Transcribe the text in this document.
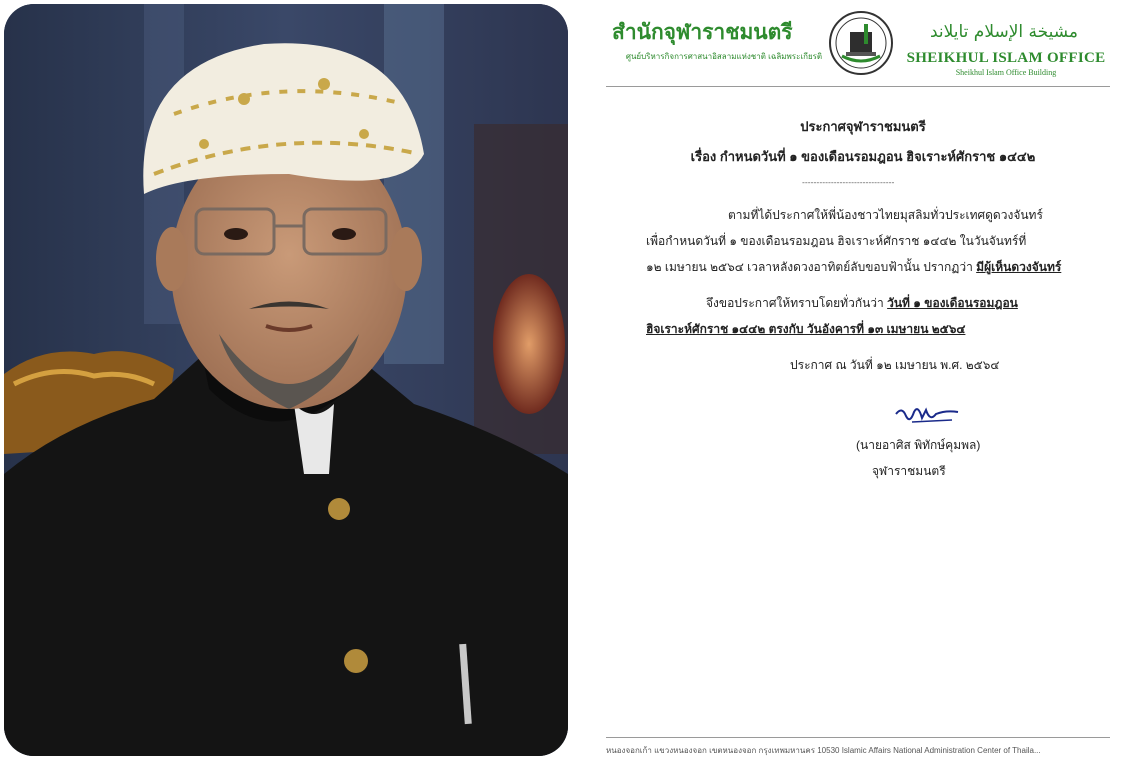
สำนักจุฬาราชมนตรี
ศูนย์บริหารกิจการศาสนาอิสลามแห่งชาติ เฉลิมพระเกียรติ
مشيخة الإسلام تايلاند
SHEIKHUL ISLAM OFFICE
Sheikhul Islam Office Building
ประกาศจุฬาราชมนตรี
เรื่อง กำหนดวันที่ ๑ ของเดือนรอมฎอน ฮิจเราะห์ศักราช ๑๔๔๒
--------------------------------
ตามที่ได้ประกาศให้พี่น้องชาวไทยมุสลิมทั่วประเทศดูดวงจันทร์
เพื่อกำหนดวันที่ ๑ ของเดือนรอมฎอน ฮิจเราะห์ศักราช ๑๔๔๒ ในวันจันทร์ที่
๑๒ เมษายน ๒๕๖๔ เวลาหลังดวงอาทิตย์ลับขอบฟ้านั้น ปรากฏว่า มีผู้เห็นดวงจันทร์
จึงขอประกาศให้ทราบโดยทั่วกันว่า วันที่ ๑ ของเดือนรอมฎอน
ฮิจเราะห์ศักราช ๑๔๔๒ ตรงกับ วันอังคารที่ ๑๓ เมษายน ๒๕๖๔
ประกาศ ณ วันที่ ๑๒ เมษายน พ.ศ. ๒๕๖๔
(นายอาศิส พิทักษ์คุมพล)
จุฬาราชมนตรี
หนองจอกเก้า แขวงหนองจอก เขตหนองจอก กรุงเทพมหานคร 10530 Islamic Affairs National Administration Center of Thaila...
